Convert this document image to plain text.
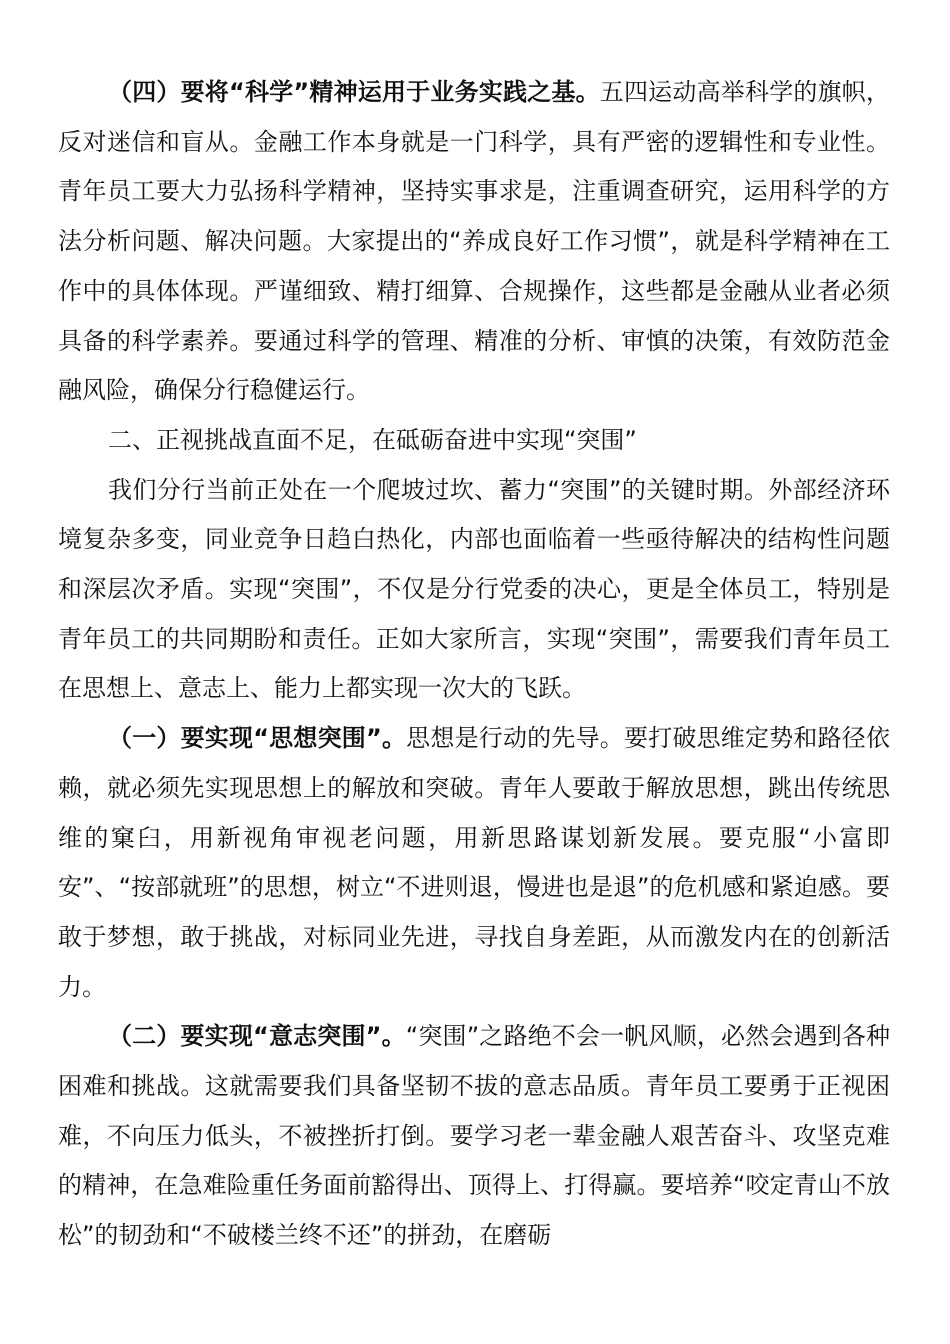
（四）要将“科学”精神运用于业务实践之基。五四运动高举科学的旗帜，反对迷信和盲从。金融工作本身就是一门科学，具有严密的逻辑性和专业性。青年员工要大力弘扬科学精神，坚持实事求是，注重调查研究，运用科学的方法分析问题、解决问题。大家提出的“养成良好工作习惯”，就是科学精神在工作中的具体体现。严谨细致、精打细算、合规操作，这些都是金融从业者必须具备的科学素养。要通过科学的管理、精准的分析、审慎的决策，有效防范金融风险，确保分行稳健运行。

二、正视挑战直面不足，在砥砺奋进中实现“突围”

我们分行当前正处在一个爬坡过坎、蓄力“突围”的关键时期。外部经济环境复杂多变，同业竞争日趋白热化，内部也面临着一些亟待解决的结构性问题和深层次矛盾。实现“突围”，不仅是分行党委的决心，更是全体员工，特别是青年员工的共同期盼和责任。正如大家所言，实现“突围”，需要我们青年员工在思想上、意志上、能力上都实现一次大的飞跃。

（一）要实现“思想突围”。思想是行动的先导。要打破思维定势和路径依赖，就必须先实现思想上的解放和突破。青年人要敢于解放思想，跳出传统思维的窠臼，用新视角审视老问题，用新思路谋划新发展。要克服“小富即安”、“按部就班”的思想，树立“不进则退，慢进也是退”的危机感和紧迫感。要敢于梦想，敢于挑战，对标同业先进，寻找自身差距，从而激发内在的创新活力。

（二）要实现“意志突围”。“突围”之路绝不会一帆风顺，必然会遇到各种困难和挑战。这就需要我们具备坚韧不拔的意志品质。青年员工要勇于正视困难，不向压力低头，不被挫折打倒。要学习老一辈金融人艰苦奋斗、攻坚克难的精神，在急难险重任务面前豁得出、顶得上、打得赢。要培养“咬定青山不放松”的韧劲和“不破楼兰终不还”的拼劲，在磨砺
